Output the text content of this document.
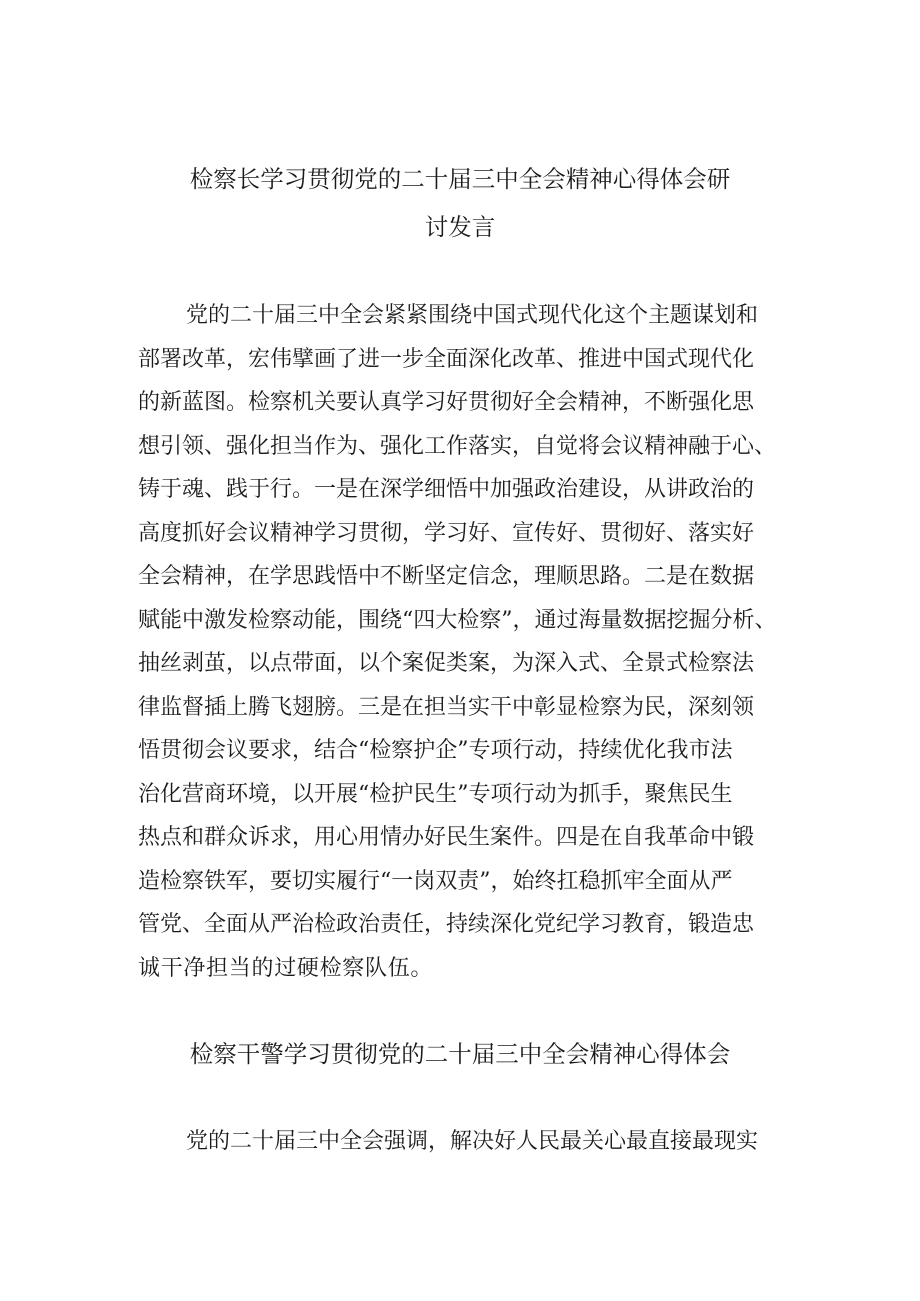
检察长学习贯彻党的二十届三中全会精神心得体会研
讨发言
党的二十届三中全会紧紧围绕中国式现代化这个主题谋划和
部署改革，宏伟擘画了进一步全面深化改革、推进中国式现代化
的新蓝图。检察机关要认真学习好贯彻好全会精神，不断强化思
想引领、强化担当作为、强化工作落实，自觉将会议精神融于心、
铸于魂、践于行。一是在深学细悟中加强政治建设，从讲政治的
高度抓好会议精神学习贯彻，学习好、宣传好、贯彻好、落实好
全会精神，在学思践悟中不断坚定信念，理顺思路。二是在数据
赋能中激发检察动能，围绕“四大检察”，通过海量数据挖掘分析、
抽丝剥茧，以点带面，以个案促类案，为深入式、全景式检察法
律监督插上腾飞翅膀。三是在担当实干中彰显检察为民，深刻领
悟贯彻会议要求，结合“检察护企”专项行动，持续优化我市法
治化营商环境，以开展“检护民生”专项行动为抓手，聚焦民生
热点和群众诉求，用心用情办好民生案件。四是在自我革命中锻
造检察铁军，要切实履行“一岗双责”，始终扛稳抓牢全面从严
管党、全面从严治检政治责任，持续深化党纪学习教育，锻造忠
诚干净担当的过硬检察队伍。
检察干警学习贯彻党的二十届三中全会精神心得体会
党的二十届三中全会强调，解决好人民最关心最直接最现实
